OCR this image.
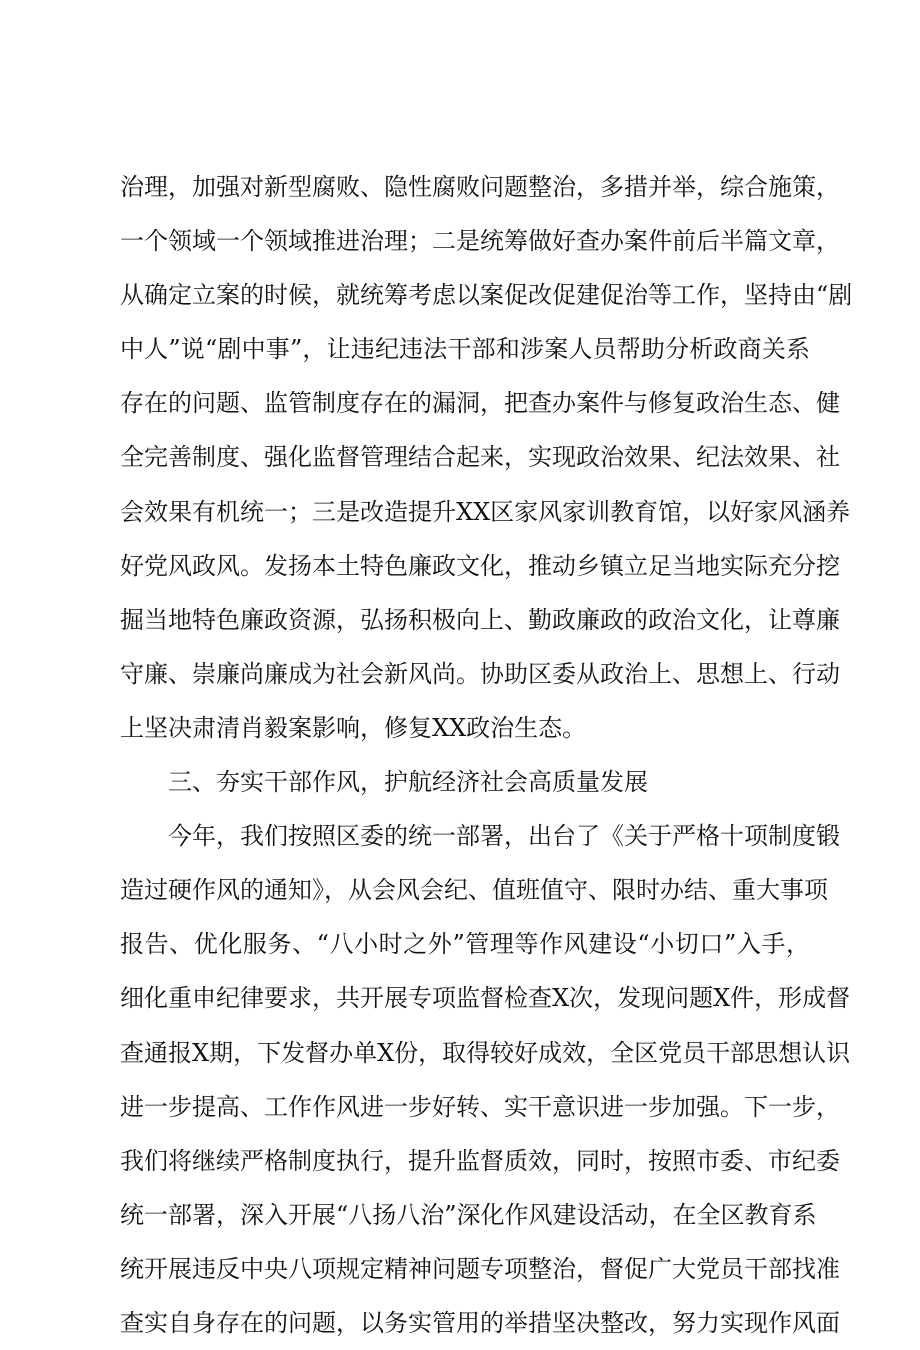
治理，加强对新型腐败、隐性腐败问题整治，多措并举，综合施策，
一个领域一个领域推进治理；二是统筹做好查办案件前后半篇文章，
从确定立案的时候，就统筹考虑以案促改促建促治等工作，坚持由“剧
中人”说“剧中事”，让违纪违法干部和涉案人员帮助分析政商关系
存在的问题、监管制度存在的漏洞，把查办案件与修复政治生态、健
全完善制度、强化监督管理结合起来，实现政治效果、纪法效果、社
会效果有机统一；三是改造提升XX区家风家训教育馆，以好家风涵养
好党风政风。发扬本土特色廉政文化，推动乡镇立足当地实际充分挖
掘当地特色廉政资源，弘扬积极向上、勤政廉政的政治文化，让尊廉
守廉、崇廉尚廉成为社会新风尚。协助区委从政治上、思想上、行动
上坚决肃清肖毅案影响，修复XX政治生态。
三、夯实干部作风，护航经济社会高质量发展
今年，我们按照区委的统一部署，出台了《关于严格十项制度锻
造过硬作风的通知》，从会风会纪、值班值守、限时办结、重大事项
报告、优化服务、“八小时之外”管理等作风建设“小切口”入手，
细化重申纪律要求，共开展专项监督检查X次，发现问题X件，形成督
查通报X期，下发督办单X份，取得较好成效，全区党员干部思想认识
进一步提高、工作作风进一步好转、实干意识进一步加强。下一步，
我们将继续严格制度执行，提升监督质效，同时，按照市委、市纪委
统一部署，深入开展“八扬八治”深化作风建设活动，在全区教育系
统开展违反中央八项规定精神问题专项整治，督促广大党员干部找准
查实自身存在的问题，以务实管用的举措坚决整改，努力实现作风面
